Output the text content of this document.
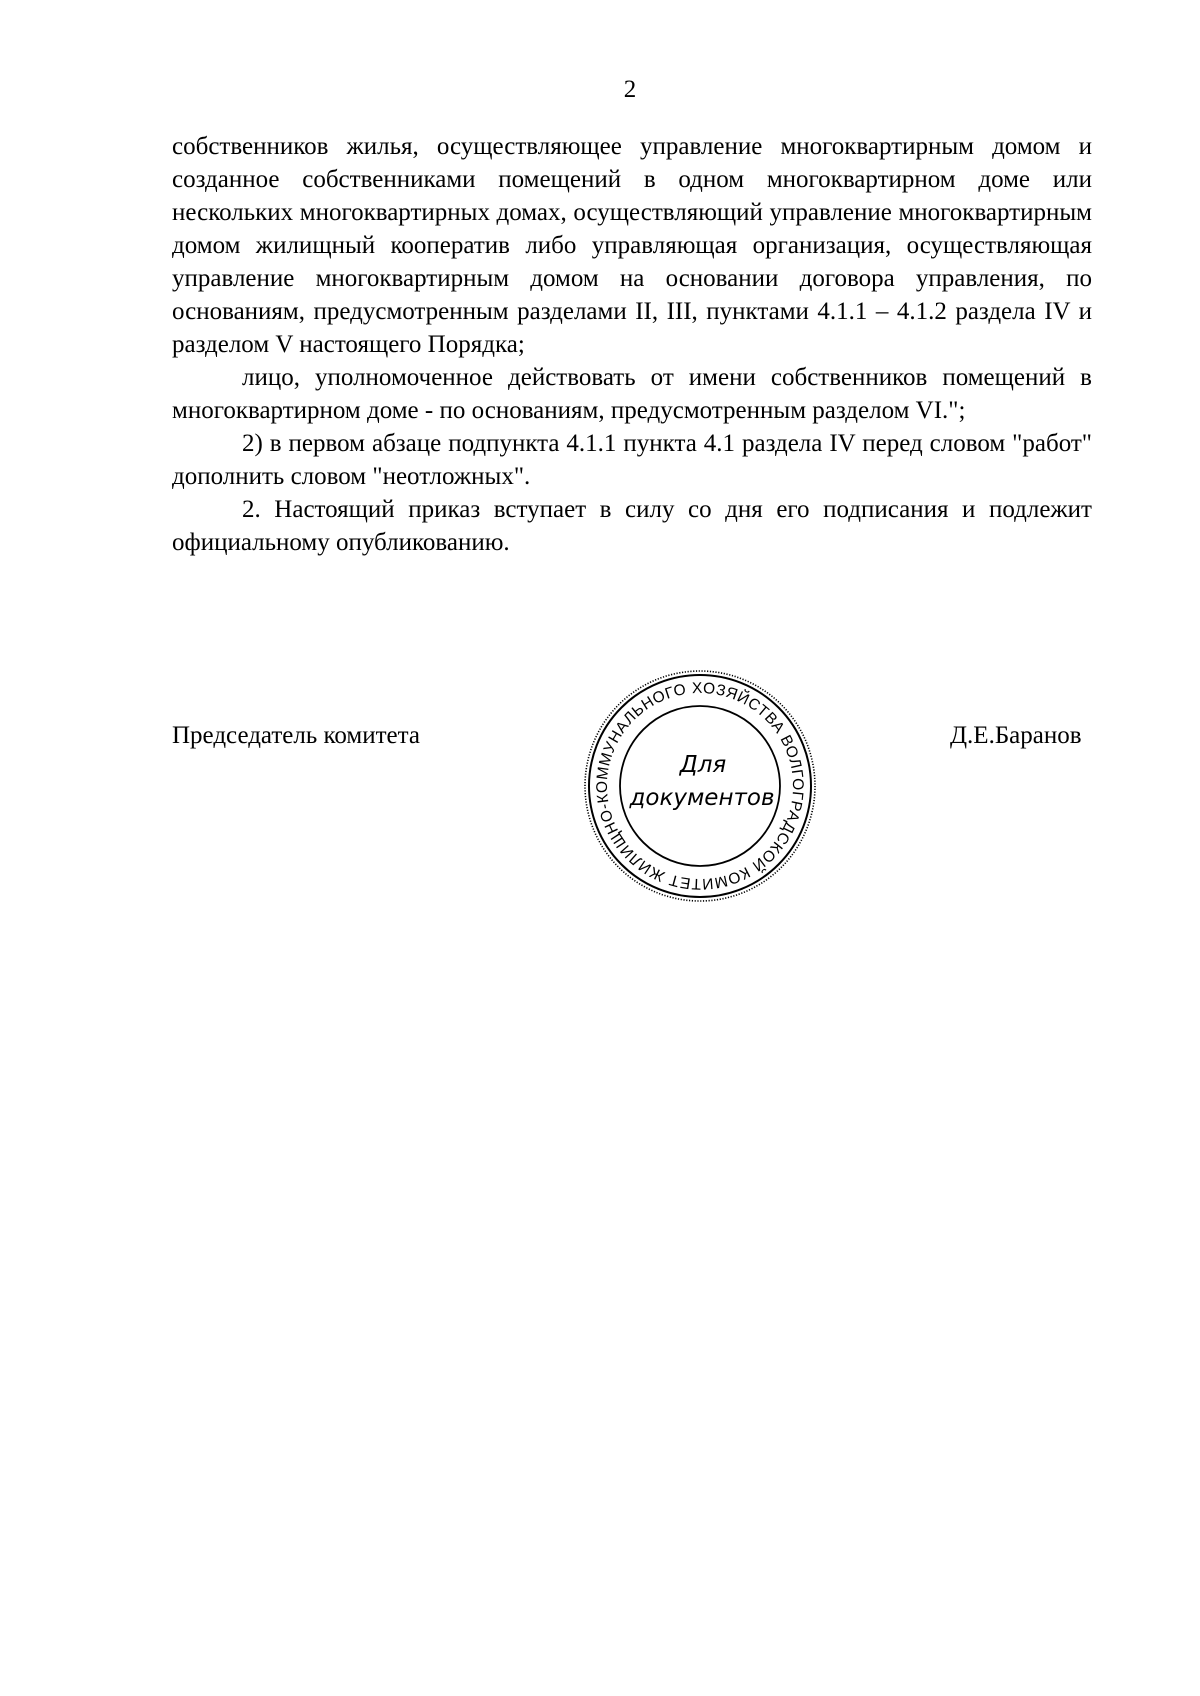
2

собственников жилья, осуществляющее управление многоквартирным домом и созданное собственниками помещений в одном многоквартирном доме или нескольких многоквартирных домах, осуществляющий управление многоквартирным домом жилищный кооператив либо управляющая организация, осуществляющая управление многоквартирным домом на основании договора управления, по основаниям, предусмотренным разделами II, III, пунктами 4.1.1 – 4.1.2 раздела IV и разделом V настоящего Порядка;

лицо, уполномоченное действовать от имени собственников помещений в многоквартирном доме - по основаниям, предусмотренным разделом VI.";

2) в первом абзаце подпункта 4.1.1 пункта 4.1 раздела IV перед словом "работ" дополнить словом "неотложных".

2. Настоящий приказ вступает в силу со дня его подписания и подлежит официальному опубликованию.

Председатель комитета
КОМИТЕТ ЖИЛИЩНО-КОММУНАЛЬНОГО ХОЗЯЙСТВА ВОЛГОГРАДСКОЙ
Для
документов
Д.Е.Баранов
